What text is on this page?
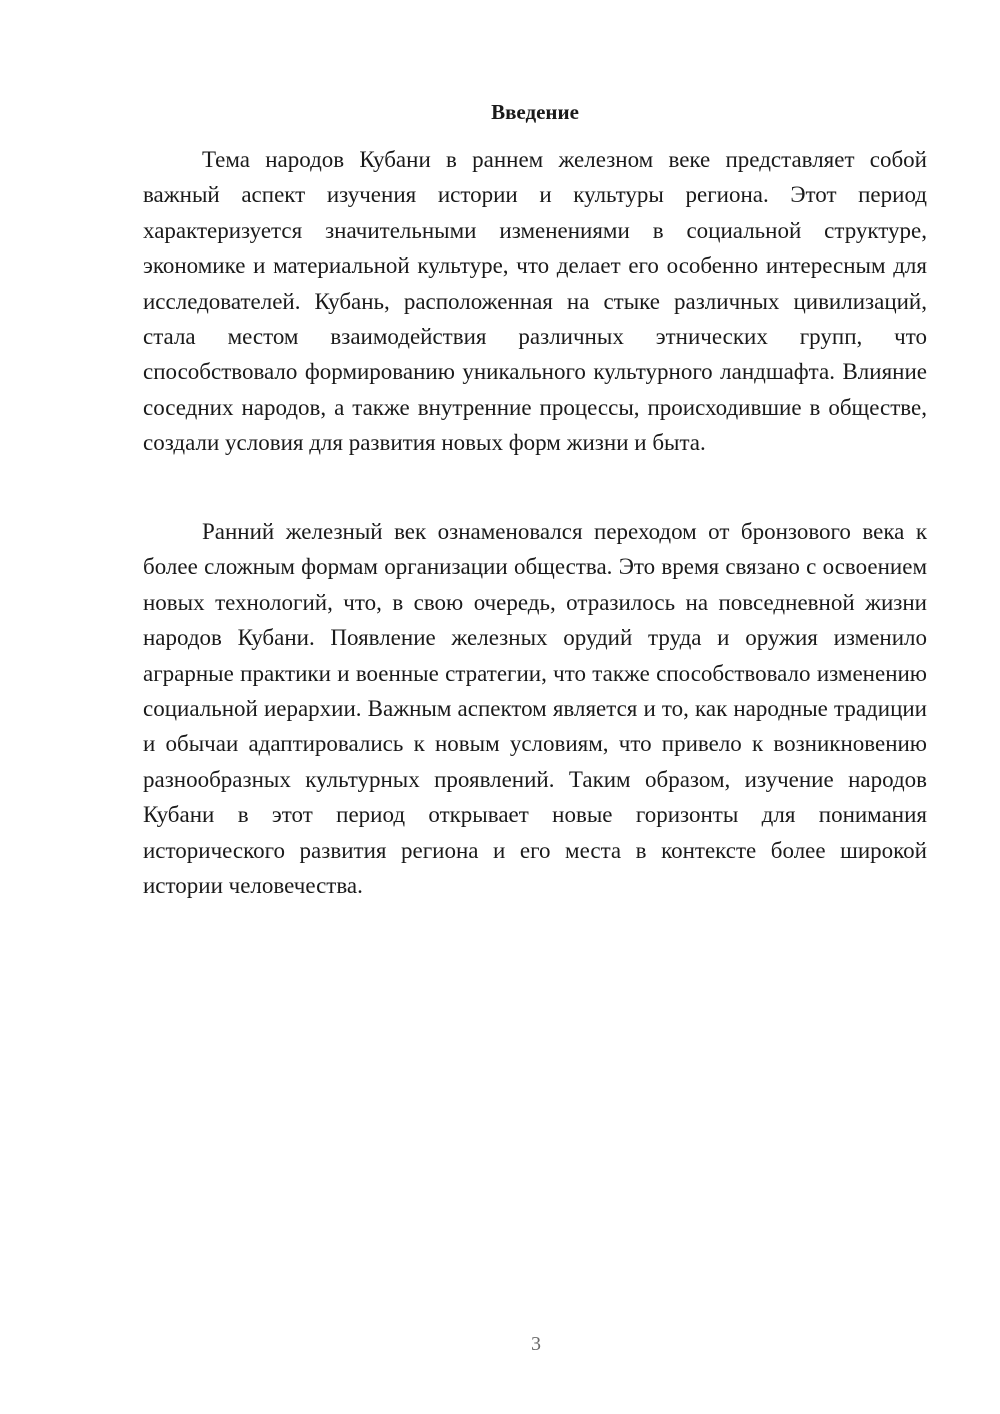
Введение

Тема народов Кубани в раннем железном веке представляет собой важный аспект изучения истории и культуры региона. Этот период характеризуется значительными изменениями в социальной структуре, экономике и материальной культуре, что делает его особенно интересным для исследователей. Кубань, расположенная на стыке различных цивилизаций, стала местом взаимодействия различных этнических групп, что способствовало формированию уникального культурного ландшафта. Влияние соседних народов, а также внутренние процессы, происходившие в обществе, создали условия для развития новых форм жизни и быта.

Ранний железный век ознаменовался переходом от бронзового века к более сложным формам организации общества. Это время связано с освоением новых технологий, что, в свою очередь, отразилось на повседневной жизни народов Кубани. Появление железных орудий труда и оружия изменило аграрные практики и военные стратегии, что также способствовало изменению социальной иерархии. Важным аспектом является и то, как народные традиции и обычаи адаптировались к новым условиям, что привело к возникновению разнообразных культурных проявлений. Таким образом, изучение народов Кубани в этот период открывает новые горизонты для понимания исторического развития региона и его места в контексте более широкой истории человечества.

3
